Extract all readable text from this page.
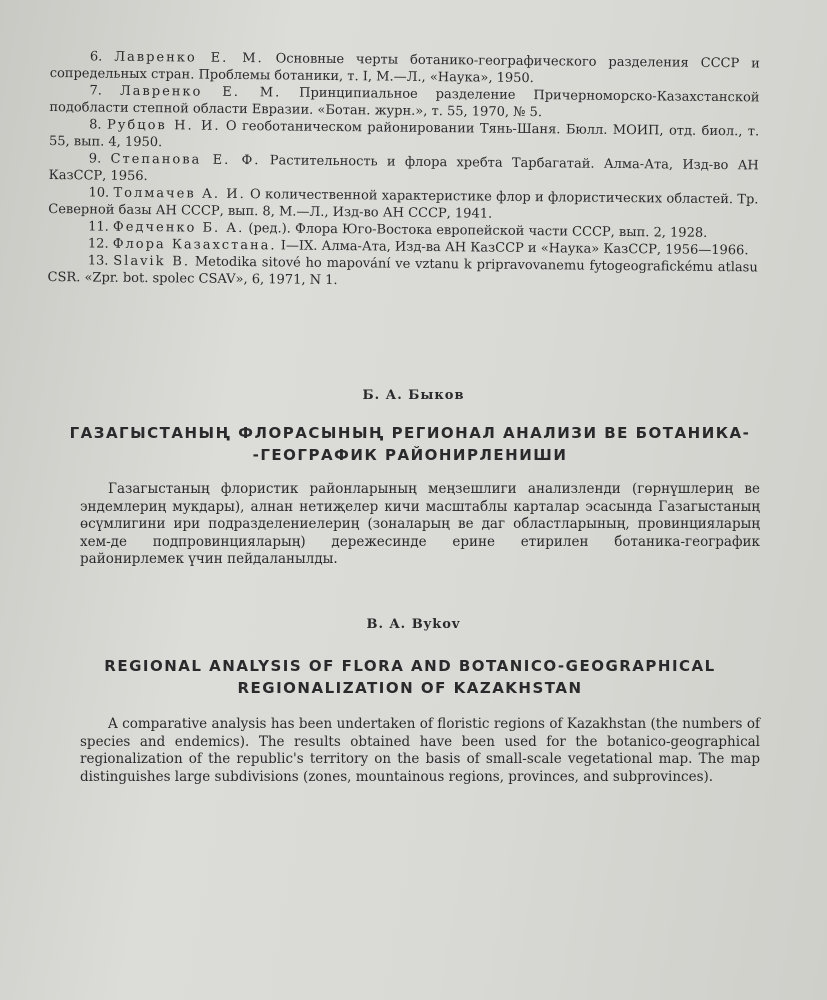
6. Лавренко Е. М. Основные черты ботанико-географического разделения СССР и сопредельных стран. Проблемы ботаники, т. I, М.—Л., «Наука», 1950.

7. Лавренко Е. М. Принципиальное разделение Причерноморско-Казахстанской подобласти степной области Евразии. «Ботан. журн.», т. 55, 1970, № 5.

8. Рубцов Н. И. О геоботаническом районировании Тянь-Шаня. Бюлл. МОИП, отд. биол., т. 55, вып. 4, 1950.

9. Степанова Е. Ф. Растительность и флора хребта Тарбагатай. Алма-Ата, Изд-во АН КазССР, 1956.

10. Толмачев А. И. О количественной характеристике флор и флористических областей. Тр. Северной базы АН СССР, вып. 8, М.—Л., Изд-во АН СССР, 1941.

11. Федченко Б. А. (ред.). Флора Юго-Востока европейской части СССР, вып. 2, 1928.

12. Флора Казахстана. I—IX. Алма-Ата, Изд-ва АН КазССР и «Наука» КазССР, 1956—1966.

13. Slavik B. Metodika sitové ho mapování ve vztanu k pripravovanemu fytogeografickému atlasu CSR. «Zpr. bot. spolec CSAV», 6, 1971, N 1.

Б. А. Быков
ГАЗАГЫСТАНЫҢ ФЛОРАСЫНЫҢ РЕГИОНАЛ АНАЛИЗИ ВЕ БОТАНИКА-
-ГЕОГРАФИК РАЙОНИРЛЕНИШИ
Газагыстаның флористик районларының меңзешлиги анализленди (гөрнүшлериң ве эндемлериң мукдары), алнан нетиҗелер кичи масштаблы карталар эсасында Газагыстаның өсүмлигини ири подразделениелериң (зоналарың ве даг областларының, провинцияларың хем-де подпровинцияларың) дережесинде ерине етирилен ботаника-географик районирлемек үчин пейдаланылды.
B. A. Bykov
REGIONAL ANALYSIS OF FLORA AND BOTANICO-GEOGRAPHICAL
REGIONALIZATION OF KAZAKHSTAN
A comparative analysis has been undertaken of floristic regions of Kazakhstan (the numbers of species and endemics). The results obtained have been used for the botanico-geographical regionalization of the republic's territory on the basis of small-scale vegetational map. The map distinguishes large subdivisions (zones, mountainous regions, provinces, and subprovinces).
